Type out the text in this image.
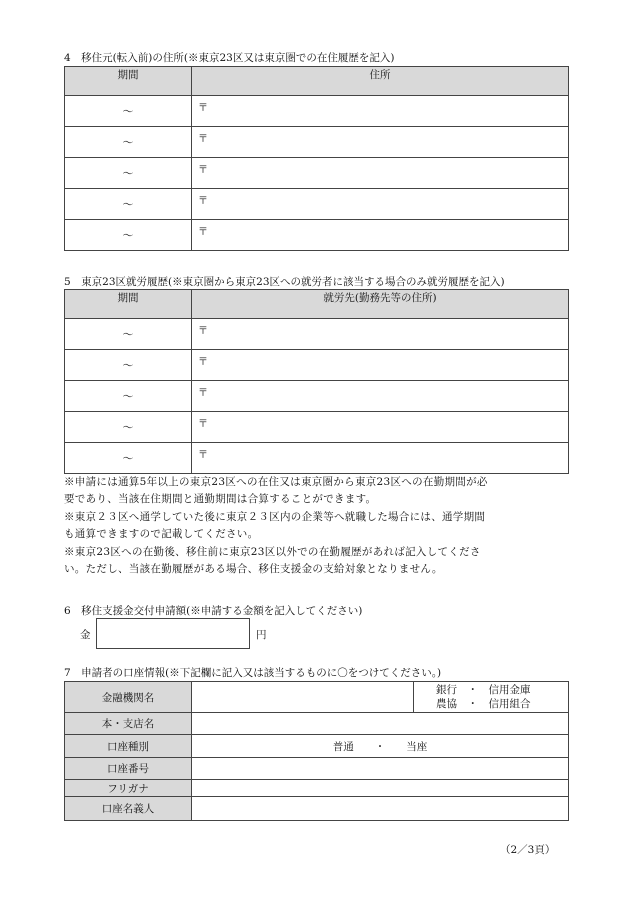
4　移住元(転入前)の住所(※東京23区又は東京圏での在住履歴を記入)
期間	住所
～	〒
～	〒
～	〒
～	〒
～	〒
5　東京23区就労履歴(※東京圏から東京23区への就労者に該当する場合のみ就労履歴を記入)
期間	就労先(勤務先等の住所)
～	〒
～	〒
～	〒
～	〒
～	〒
※申請には通算5年以上の東京23区への在住又は東京圏から東京23区への在勤期間が必
要であり、当該在住期間と通勤期間は合算することができます。
※東京２３区へ通学していた後に東京２３区内の企業等へ就職した場合には、通学期間
も通算できますので記載してください。
※東京23区への在勤後、移住前に東京23区以外での在勤履歴があれば記入してくださ
い。ただし、当該在勤履歴がある場合、移住支援金の支給対象となりません。
6　移住支援金交付申請額(※申請する金額を記入してください)
金	円
7　申請者の口座情報(※下記欄に記入又は該当するものに〇をつけてください。)
金融機関名		銀行　・　信用金庫
農協　・　信用組合

本・支店名		
口座種別	普通　　・　　当座	
口座番号		
フリガナ		
口座名義人		
（2／3頁）
